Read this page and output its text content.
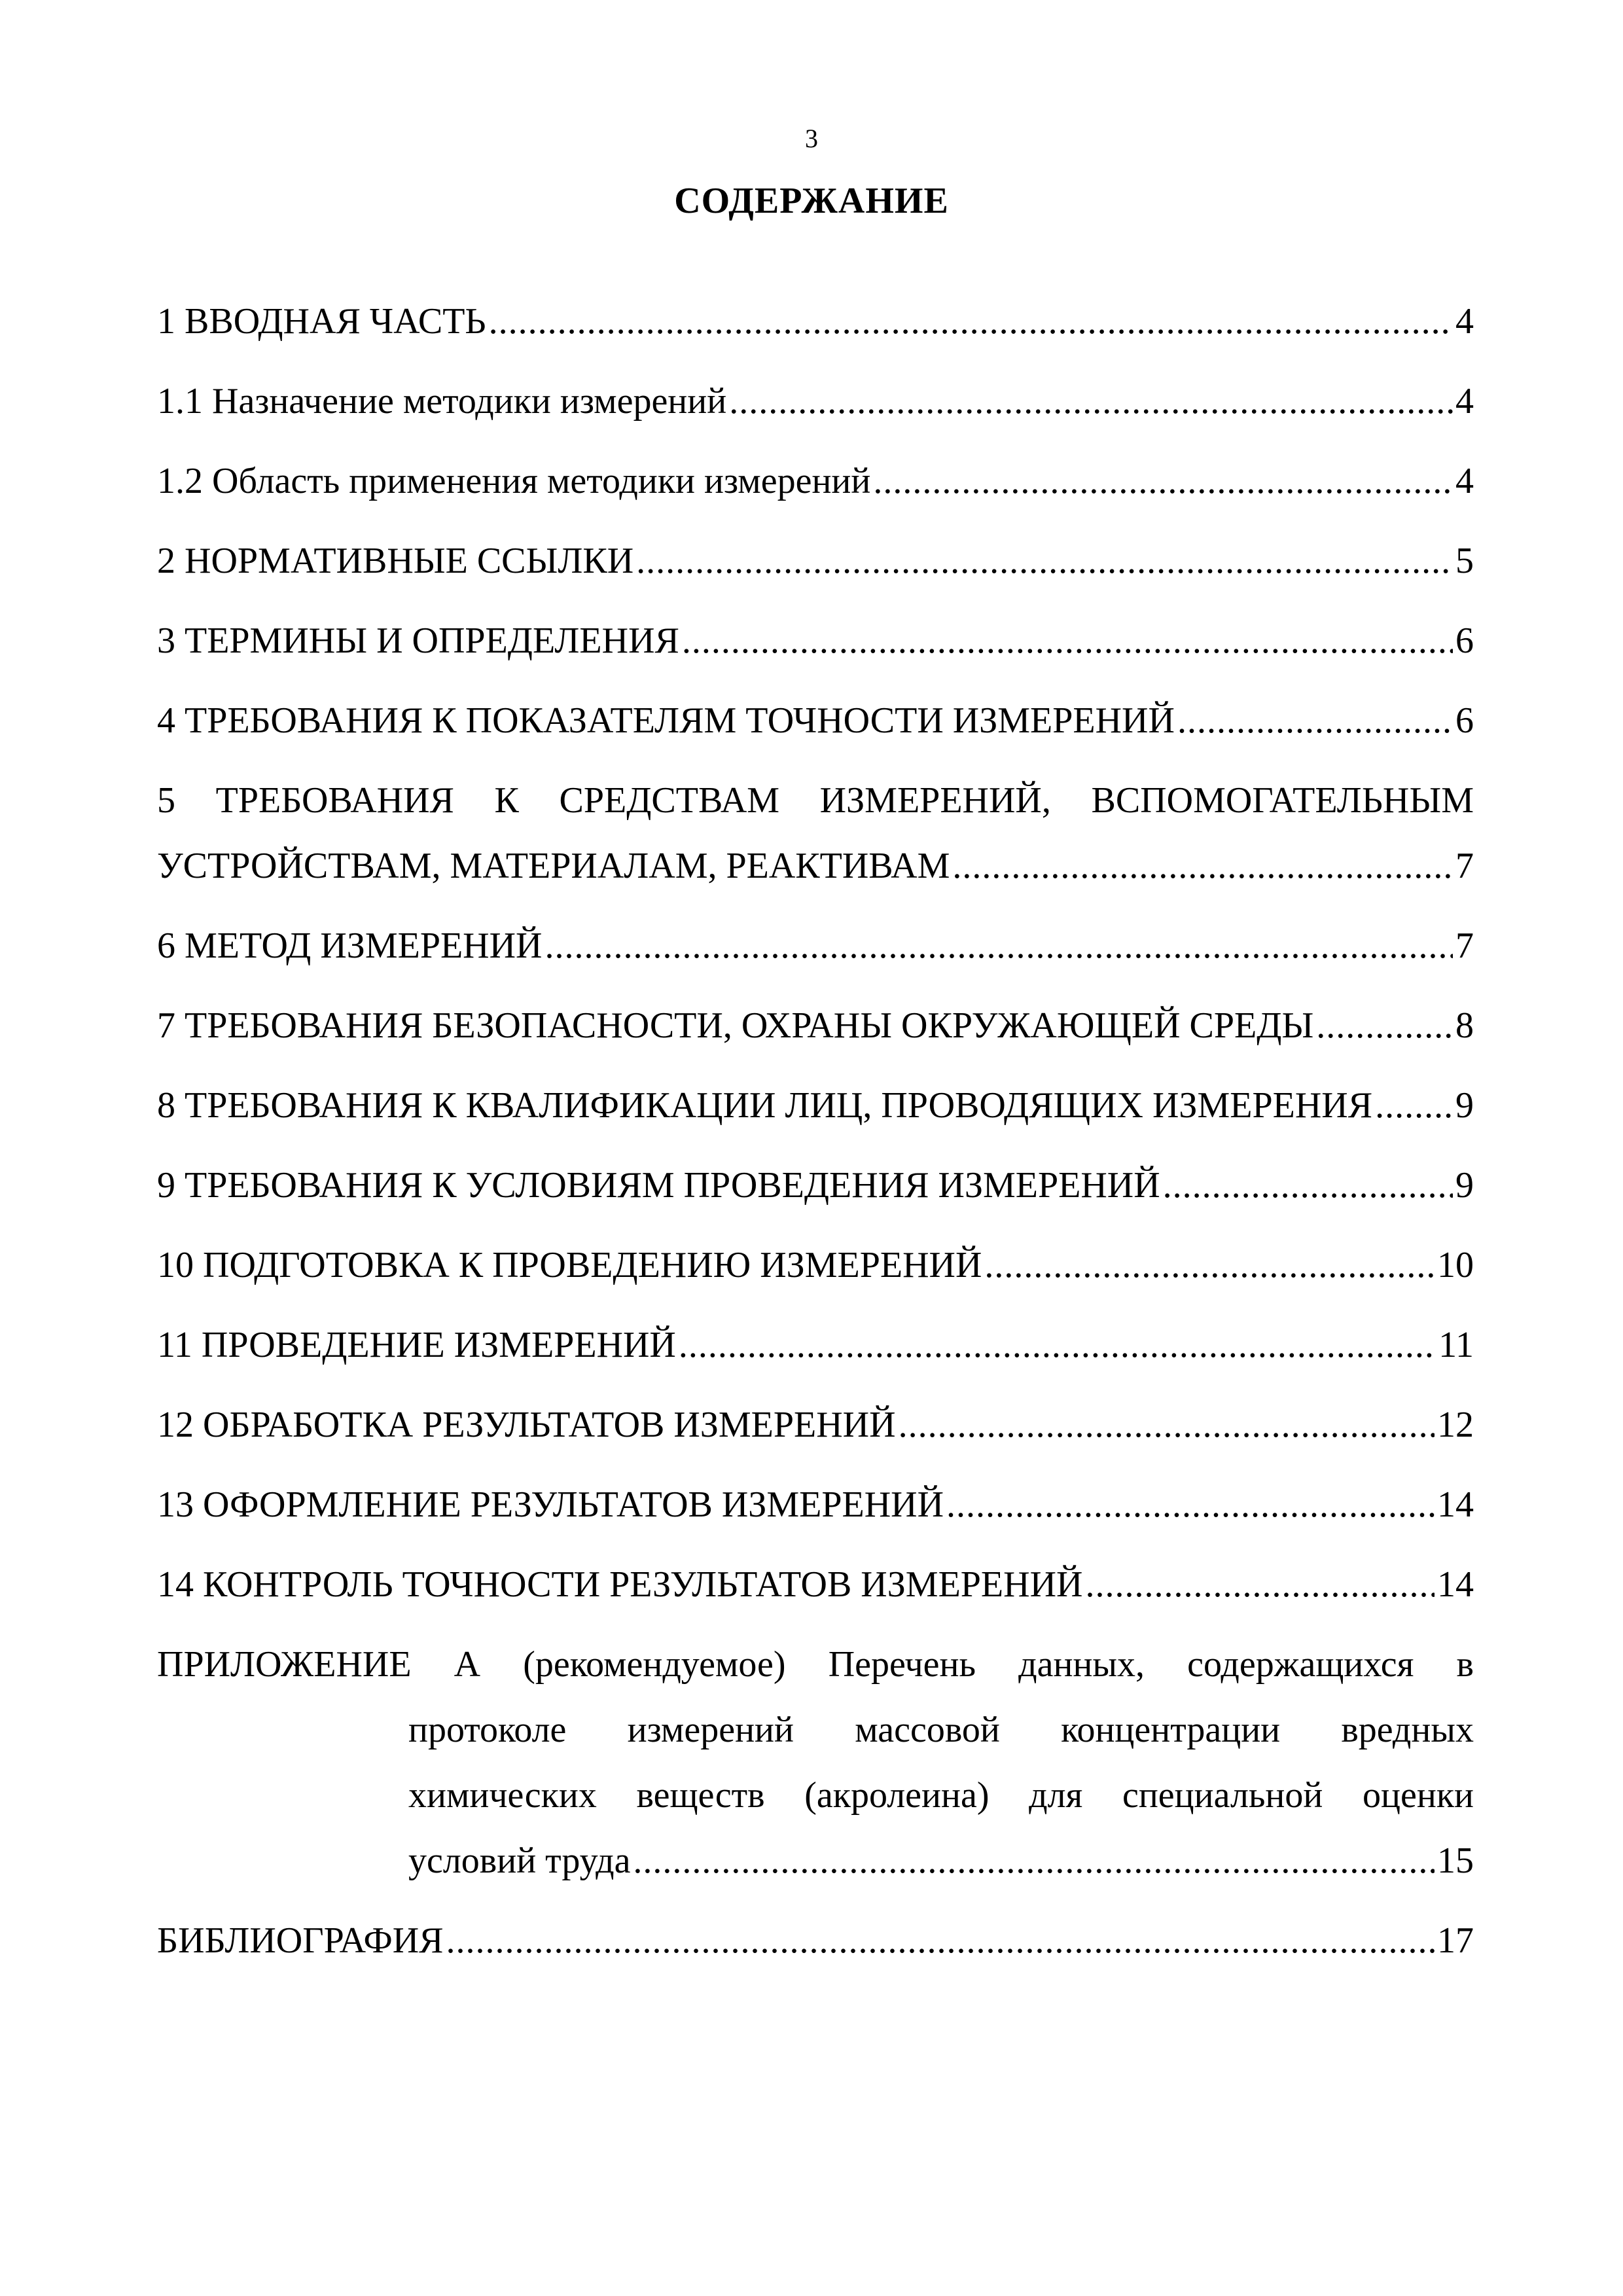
3
СОДЕРЖАНИЕ
1 ВВОДНАЯ ЧАСТЬ .....	4
1.1 Назначение методики измерений .....	4
1.2 Область применения методики измерений .....	4
2 НОРМАТИВНЫЕ ССЫЛКИ .....	5
3 ТЕРМИНЫ И ОПРЕДЕЛЕНИЯ .....	6
4 ТРЕБОВАНИЯ К ПОКАЗАТЕЛЯМ ТОЧНОСТИ ИЗМЕРЕНИЙ .....	6
5 ТРЕБОВАНИЯ К СРЕДСТВАМ ИЗМЕРЕНИЙ, ВСПОМОГАТЕЛЬНЫМ
УСТРОЙСТВАМ, МАТЕРИАЛАМ, РЕАКТИВАМ .....	7
6 МЕТОД ИЗМЕРЕНИЙ .....	7
7 ТРЕБОВАНИЯ БЕЗОПАСНОСТИ, ОХРАНЫ ОКРУЖАЮЩЕЙ СРЕДЫ .....	8
8 ТРЕБОВАНИЯ К КВАЛИФИКАЦИИ ЛИЦ, ПРОВОДЯЩИХ ИЗМЕРЕНИЯ ..... 9
9 ТРЕБОВАНИЯ К УСЛОВИЯМ ПРОВЕДЕНИЯ ИЗМЕРЕНИЙ .....	9
10 ПОДГОТОВКА К ПРОВЕДЕНИЮ ИЗМЕРЕНИЙ .....	10
11 ПРОВЕДЕНИЕ ИЗМЕРЕНИЙ .....	11
12 ОБРАБОТКА РЕЗУЛЬТАТОВ ИЗМЕРЕНИЙ .....	12
13 ОФОРМЛЕНИЕ РЕЗУЛЬТАТОВ ИЗМЕРЕНИЙ .....	14
14 КОНТРОЛЬ ТОЧНОСТИ РЕЗУЛЬТАТОВ ИЗМЕРЕНИЙ .....	14
ПРИЛОЖЕНИЕ А (рекомендуемое) Перечень данных, содержащихся в
протоколе измерений массовой концентрации вредных
химических веществ (акролеина) для специальной оценки
условий труда .....	15
БИБЛИОГРАФИЯ .....	17
